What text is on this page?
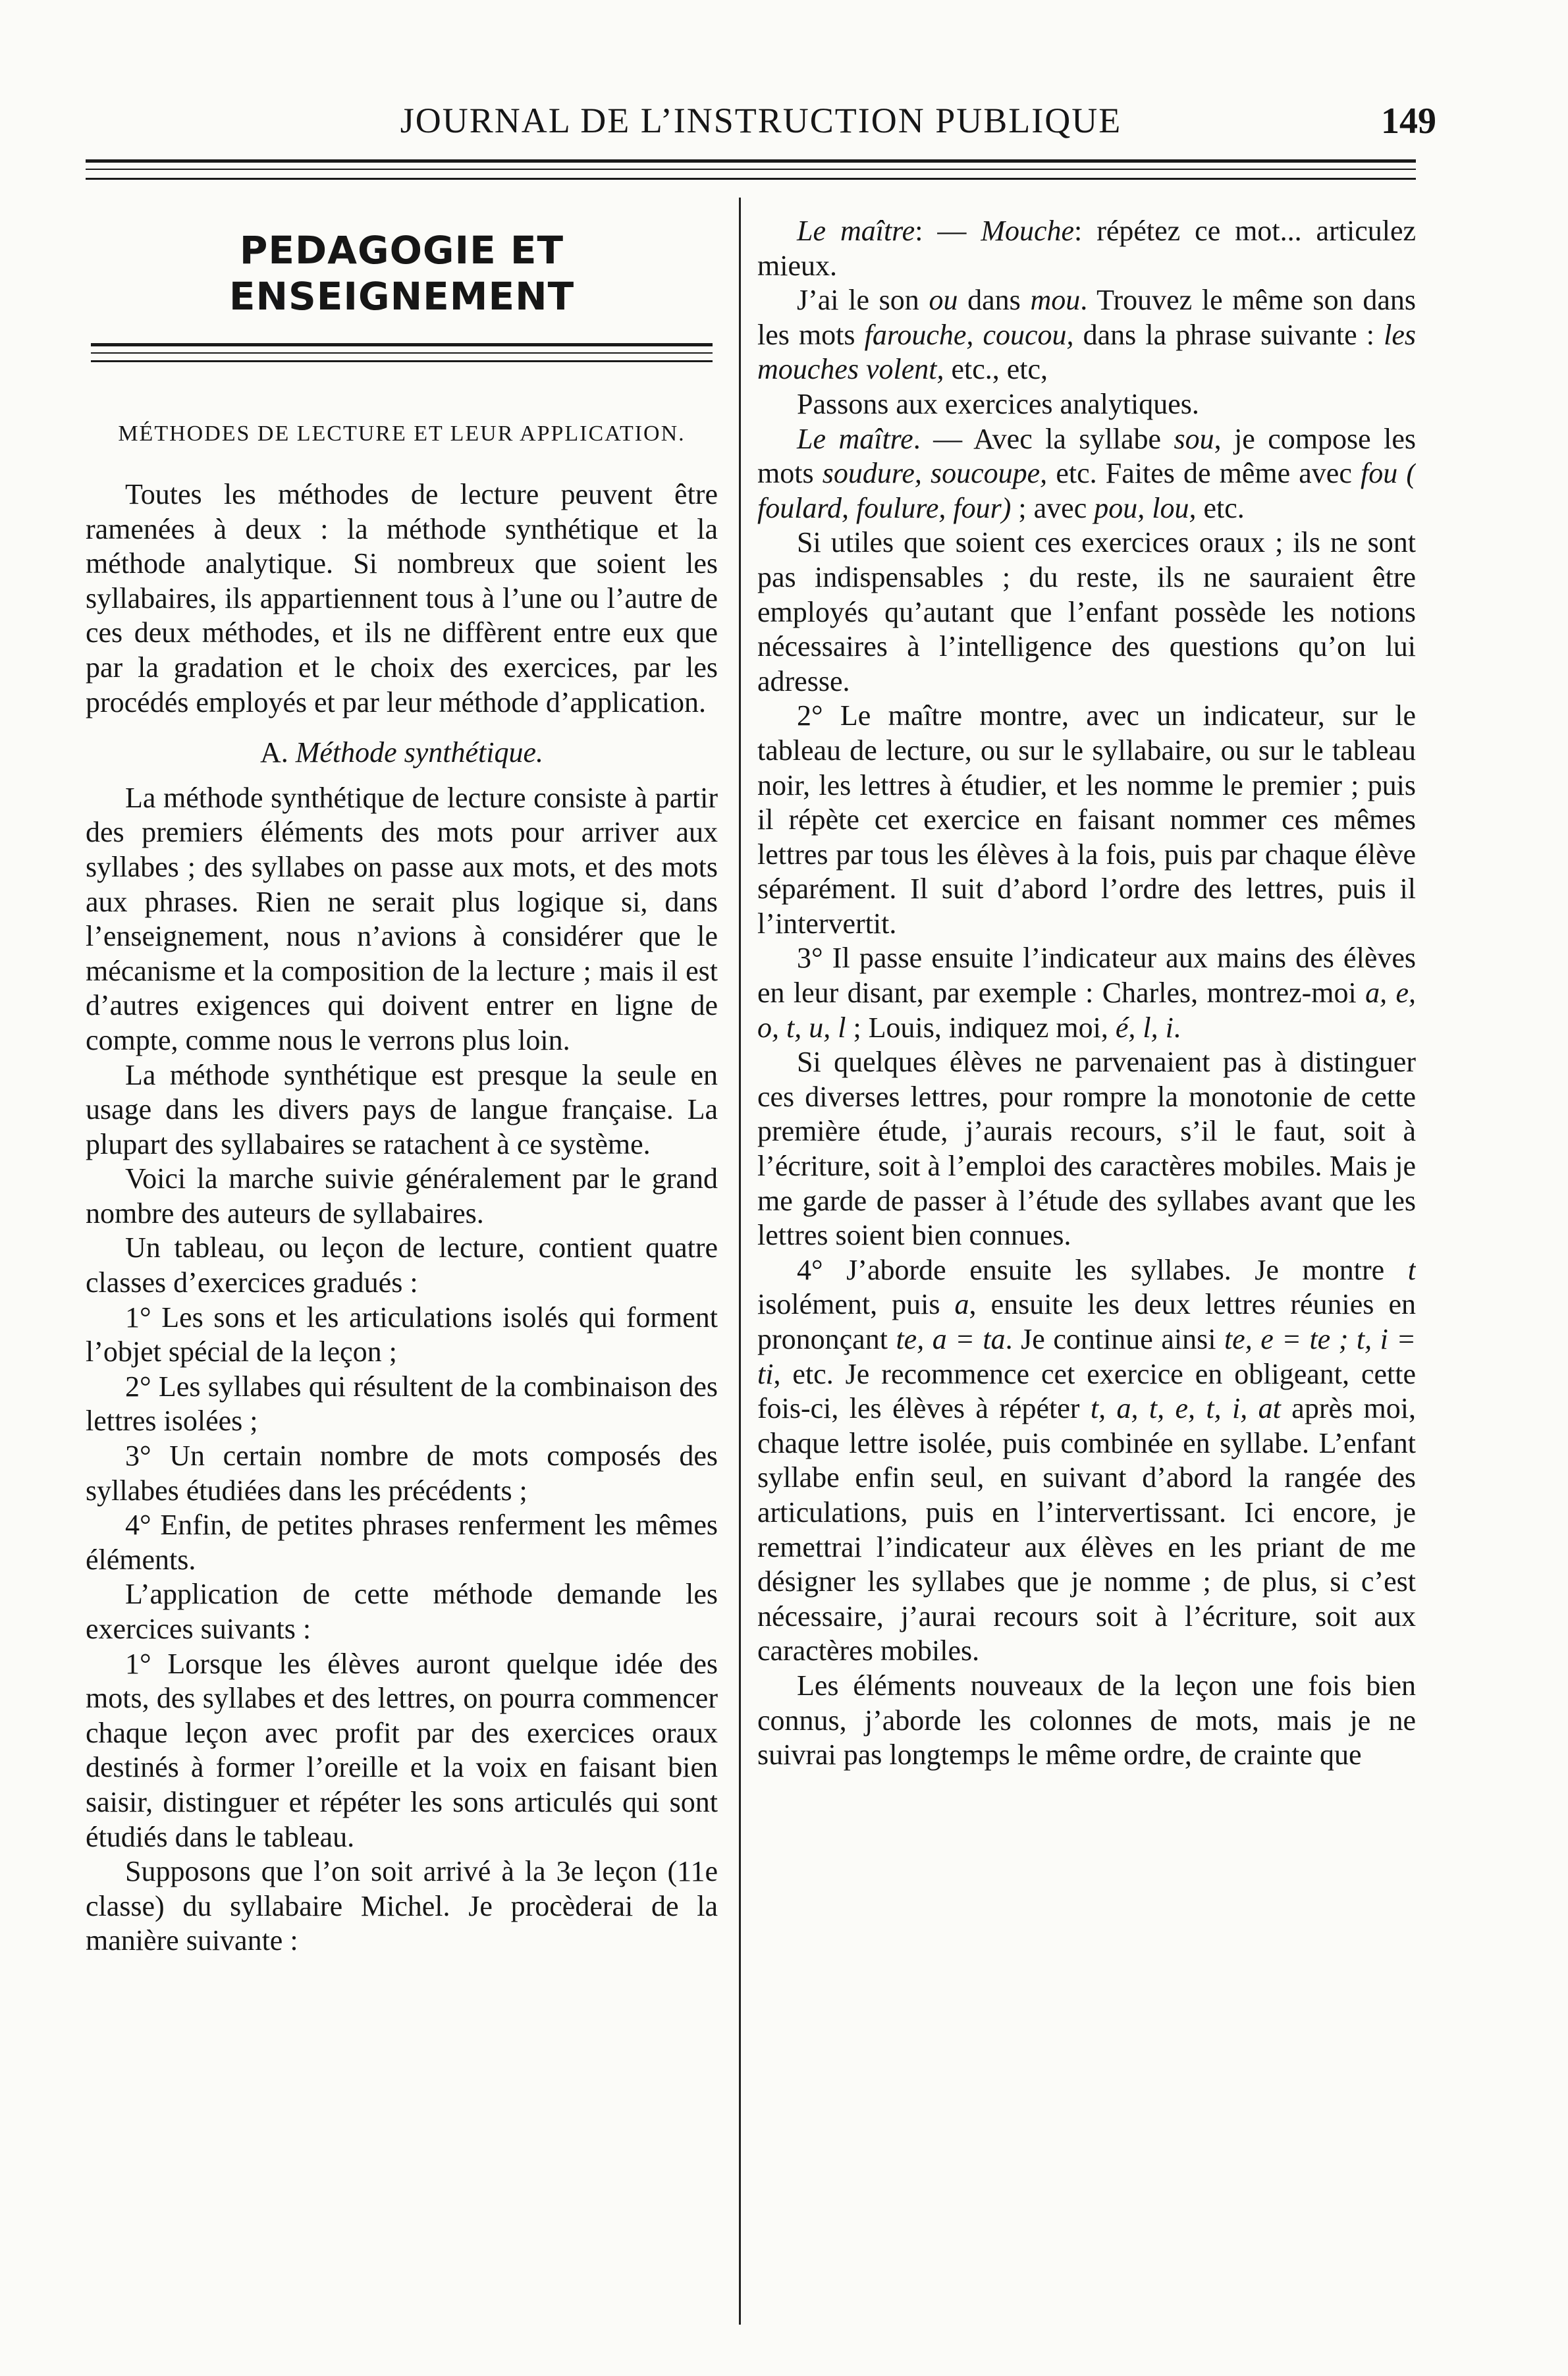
JOURNAL DE L’INSTRUCTION PUBLIQUE	149
PEDAGOGIE ET ENSEIGNEMENT
MÉTHODES DE LECTURE ET LEUR APPLICATION.

Toutes les méthodes de lecture peuvent être ramenées à deux : la méthode synthétique et la méthode analytique. Si nombreux que soient les syllabaires, ils appartiennent tous à l’une ou l’autre de ces deux méthodes, et ils ne diffèrent entre eux que par la gradation et le choix des exercices, par les procédés employés et par leur méthode d’application.

A. Méthode synthétique.

La méthode synthétique de lecture consiste à partir des premiers éléments des mots pour arriver aux syllabes ; des syllabes on passe aux mots, et des mots aux phrases. Rien ne serait plus logique si, dans l’enseignement, nous n’avions à considérer que le mécanisme et la composition de la lecture ; mais il est d’autres exigences qui doivent entrer en ligne de compte, comme nous le verrons plus loin.

La méthode synthétique est presque la seule en usage dans les divers pays de langue française. La plupart des syllabaires se ratachent à ce système.

Voici la marche suivie généralement par le grand nombre des auteurs de syllabaires.

Un tableau, ou leçon de lecture, contient quatre classes d’exercices gradués :

1° Les sons et les articulations isolés qui forment l’objet spécial de la leçon ;

2° Les syllabes qui résultent de la combinaison des lettres isolées ;

3° Un certain nombre de mots composés des syllabes étudiées dans les précédents ;

4° Enfin, de petites phrases renferment les mêmes éléments.

L’application de cette méthode demande les exercices suivants :

1° Lorsque les élèves auront quelque idée des mots, des syllabes et des lettres, on pourra commencer chaque leçon avec profit par des exercices oraux destinés à former l’oreille et la voix en faisant bien saisir, distinguer et répéter les sons articulés qui sont étudiés dans le tableau.

Supposons que l’on soit arrivé à la 3e leçon (11e classe) du syllabaire Michel. Je procèderai de la manière suivante :

Le maître: — Mouche: répétez ce mot... articulez mieux.

J’ai le son ou dans mou. Trouvez le même son dans les mots farouche, coucou, dans la phrase suivante : les mouches volent, etc., etc,

Passons aux exercices analytiques.

Le maître. — Avec la syllabe sou, je compose les mots soudure, soucoupe, etc. Faites de même avec fou ( foulard, foulure, four) ; avec pou, lou, etc.

Si utiles que soient ces exercices oraux ; ils ne sont pas indispensables ; du reste, ils ne sauraient être employés qu’autant que l’enfant possède les notions nécessaires à l’intelligence des questions qu’on lui adresse.

2° Le maître montre, avec un indicateur, sur le tableau de lecture, ou sur le syllabaire, ou sur le tableau noir, les lettres à étudier, et les nomme le premier ; puis il répète cet exercice en faisant nommer ces mêmes lettres par tous les élèves à la fois, puis par chaque élève séparément. Il suit d’abord l’ordre des lettres, puis il l’intervertit.

3° Il passe ensuite l’indicateur aux mains des élèves en leur disant, par exemple : Charles, montrez-moi a, e, o, t, u, l ; Louis, indiquez moi, é, l, i.

Si quelques élèves ne parvenaient pas à distinguer ces diverses lettres, pour rompre la monotonie de cette première étude, j’aurais recours, s’il le faut, soit à l’écriture, soit à l’emploi des caractères mobiles. Mais je me garde de passer à l’étude des syllabes avant que les lettres soient bien connues.

4° J’aborde ensuite les syllabes. Je montre t isolément, puis a, ensuite les deux lettres réunies en prononçant te, a = ta. Je continue ainsi te, e = te ; t, i = ti, etc. Je recommence cet exercice en obligeant, cette fois-ci, les élèves à répéter t, a, t, e, t, i, at après moi, chaque lettre isolée, puis combinée en syllabe. L’enfant syllabe enfin seul, en suivant d’abord la rangée des articulations, puis en l’intervertissant. Ici encore, je remettrai l’indicateur aux élèves en les priant de me désigner les syllabes que je nomme ; de plus, si c’est nécessaire, j’aurai recours soit à l’écriture, soit aux caractères mobiles.

Les éléments nouveaux de la leçon une fois bien connus, j’aborde les colonnes de mots, mais je ne suivrai pas longtemps le même ordre, de crainte que
